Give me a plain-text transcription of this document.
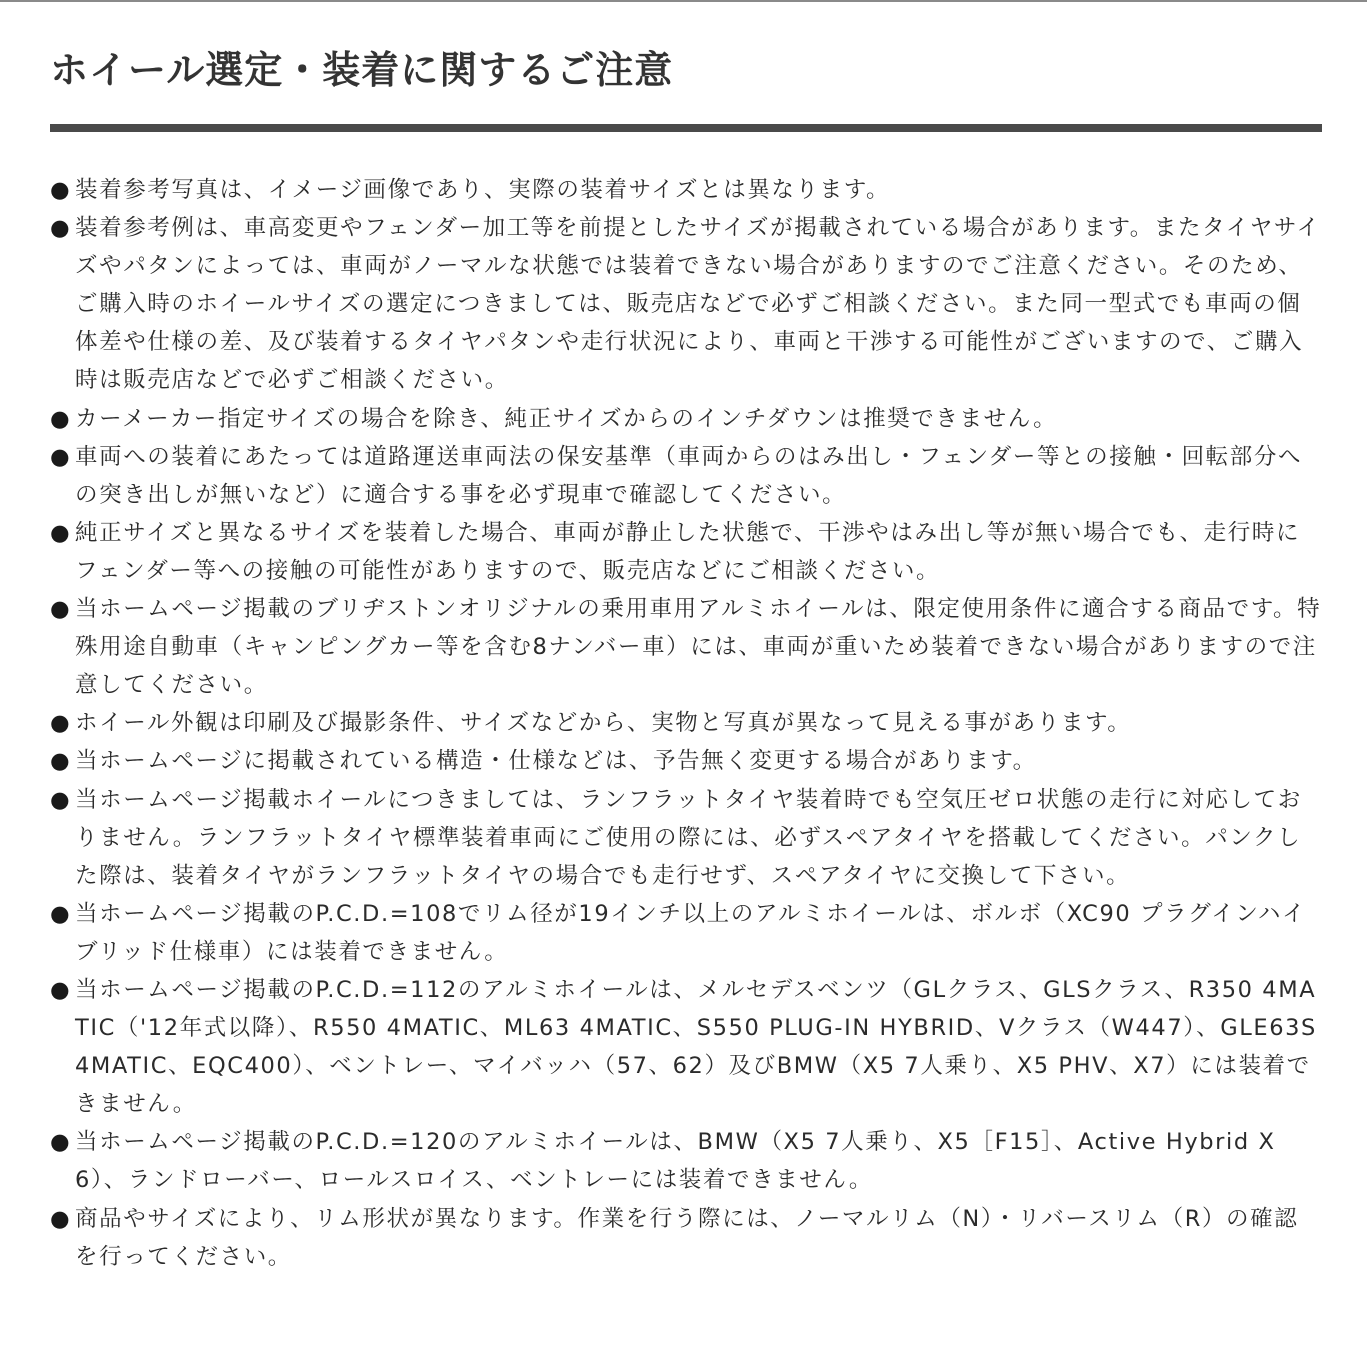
ホイール選定・装着に関するご注意
● 装着参考写真は、イメージ画像であり、実際の装着サイズとは異なります。
● 装着参考例は、車高変更やフェンダー加工等を前提としたサイズが掲載されている場合があります。またタイヤサイズやパタンによっては、車両がノーマルな状態では装着できない場合がありますのでご注意ください。そのため、ご購入時のホイールサイズの選定につきましては、販売店などで必ずご相談ください。また同一型式でも車両の個体差や仕様の差、及び装着するタイヤパタンや走行状況により、車両と干渉する可能性がございますので、ご購入時は販売店などで必ずご相談ください。
● カーメーカー指定サイズの場合を除き、純正サイズからのインチダウンは推奨できません。
● 車両への装着にあたっては道路運送車両法の保安基準（車両からのはみ出し・フェンダー等との接触・回転部分への突き出しが無いなど）に適合する事を必ず現車で確認してください。
● 純正サイズと異なるサイズを装着した場合、車両が静止した状態で、干渉やはみ出し等が無い場合でも、走行時にフェンダー等への接触の可能性がありますので、販売店などにご相談ください。
● 当ホームページ掲載のブリヂストンオリジナルの乗用車用アルミホイールは、限定使用条件に適合する商品です。特殊用途自動車（キャンピングカー等を含む8ナンバー車）には、車両が重いため装着できない場合がありますので注意してください。
● ホイール外観は印刷及び撮影条件、サイズなどから、実物と写真が異なって見える事があります。
● 当ホームページに掲載されている構造・仕様などは、予告無く変更する場合があります。
● 当ホームページ掲載ホイールにつきましては、ランフラットタイヤ装着時でも空気圧ゼロ状態の走行に対応しておりません。ランフラットタイヤ標準装着車両にご使用の際には、必ずスペアタイヤを搭載してください。パンクした際は、装着タイヤがランフラットタイヤの場合でも走行せず、スペアタイヤに交換して下さい。
● 当ホームページ掲載のP.C.D.=108でリム径が19インチ以上のアルミホイールは、ボルボ（XC90 プラグインハイブリッド仕様車）には装着できません。
● 当ホームページ掲載のP.C.D.=112のアルミホイールは、メルセデスベンツ（GLクラス、GLSクラス、R350 4MATIC（'12年式以降）、R550 4MATIC、ML63 4MATIC、S550 PLUG-IN HYBRID、Vクラス（W447）、GLE63S 4MATIC、EQC400）、ベントレー、マイバッハ（57、62）及びBMW（X5 7人乗り、X5 PHV、X7）には装着できません。
● 当ホームページ掲載のP.C.D.=120のアルミホイールは、BMW（X5 7人乗り、X5［F15］、Active Hybrid X6）、ランドローバー、ロールスロイス、ベントレーには装着できません。
● 商品やサイズにより、リム形状が異なります。作業を行う際には、ノーマルリム（N）・リバースリム（R）の確認を行ってください。
